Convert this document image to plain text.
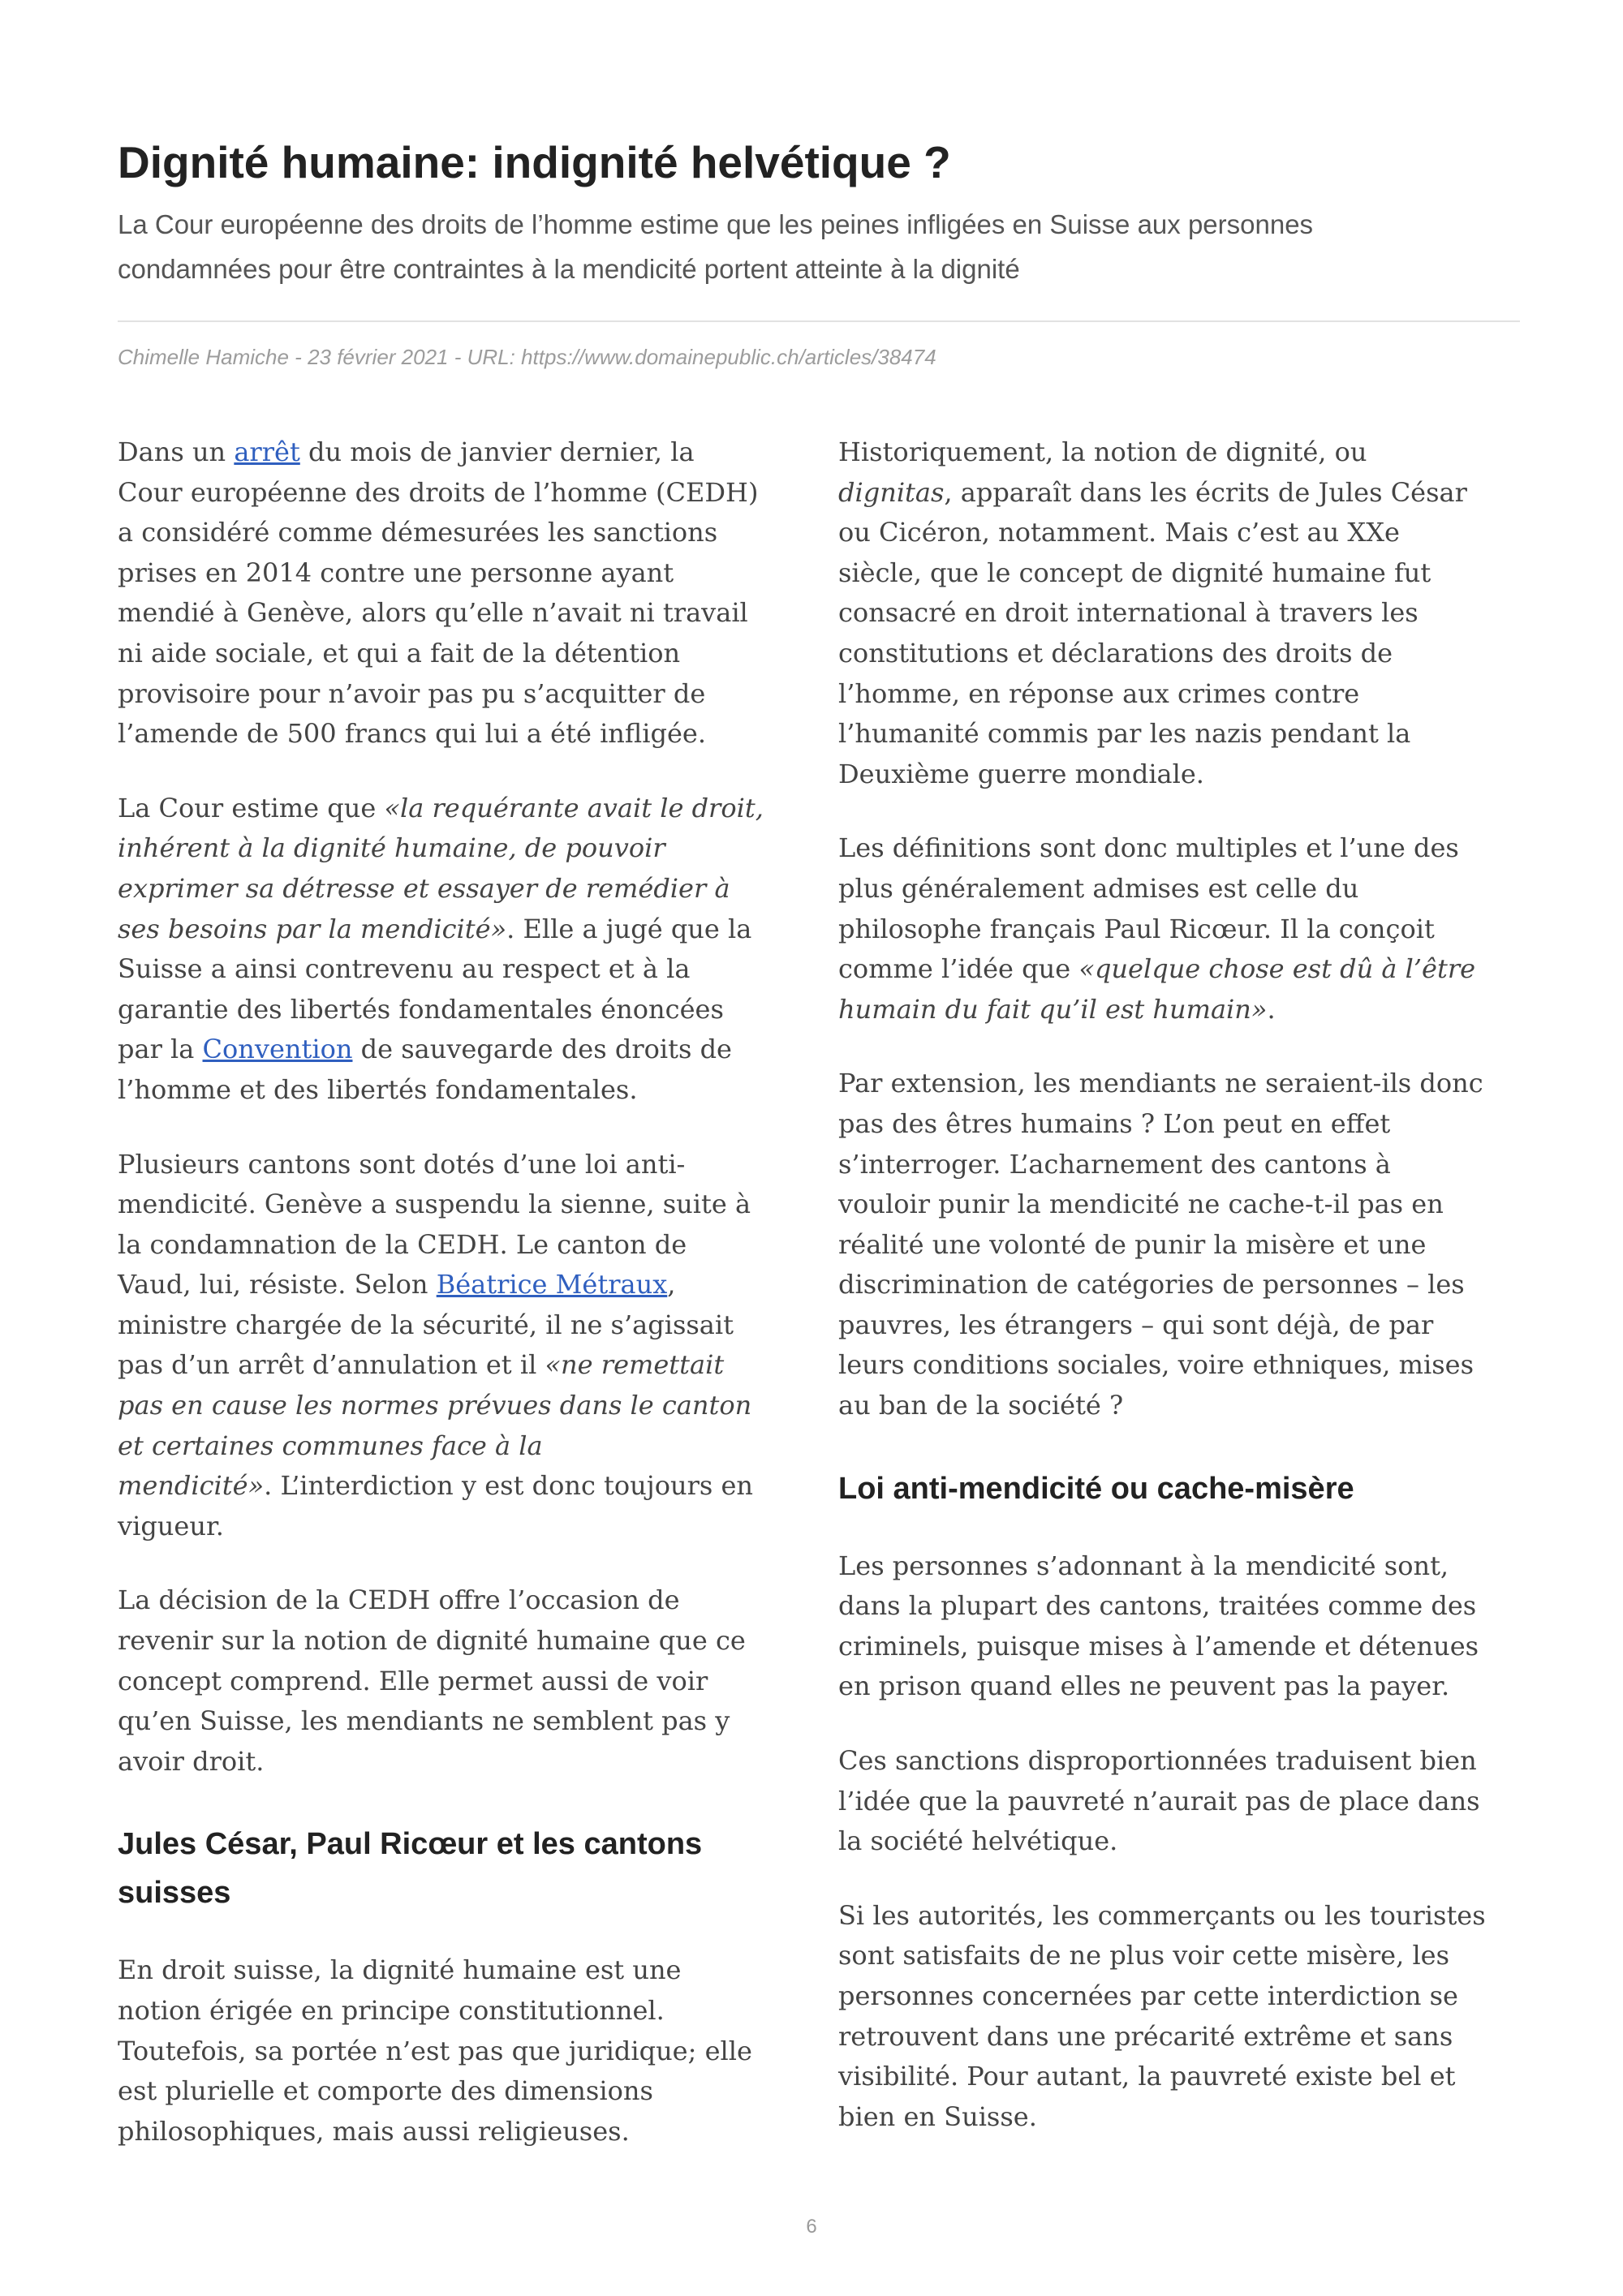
Dignité humaine: indignité helvétique ?
La Cour européenne des droits de l’homme estime que les peines infligées en Suisse aux personnes
condamnées pour être contraintes à la mendicité portent atteinte à la dignité
Chimelle Hamiche - 23 février 2021 - URL: https://www.domainepublic.ch/articles/38474

Dans un arrêt du mois de janvier dernier, la
Cour européenne des droits de l’homme (CEDH)
a considéré comme démesurées les sanctions
prises en 2014 contre une personne ayant
mendié à Genève, alors qu’elle n’avait ni travail
ni aide sociale, et qui a fait de la détention
provisoire pour n’avoir pas pu s’acquitter de
l’amende de 500 francs qui lui a été infligée.

La Cour estime que «la requérante avait le droit,
inhérent à la dignité humaine, de pouvoir
exprimer sa détresse et essayer de remédier à
ses besoins par la mendicité». Elle a jugé que la
Suisse a ainsi contrevenu au respect et à la
garantie des libertés fondamentales énoncées
par la Convention de sauvegarde des droits de
l’homme et des libertés fondamentales.

Plusieurs cantons sont dotés d’une loi anti-
mendicité. Genève a suspendu la sienne, suite à
la condamnation de la CEDH. Le canton de
Vaud, lui, résiste. Selon Béatrice Métraux,
ministre chargée de la sécurité, il ne s’agissait
pas d’un arrêt d’annulation et il «ne remettait
pas en cause les normes prévues dans le canton
et certaines communes face à la
mendicité». L’interdiction y est donc toujours en
vigueur.

La décision de la CEDH offre l’occasion de
revenir sur la notion de dignité humaine que ce
concept comprend. Elle permet aussi de voir
qu’en Suisse, les mendiants ne semblent pas y
avoir droit.

Jules César, Paul Ricœur et les cantons
suisses

En droit suisse, la dignité humaine est une
notion érigée en principe constitutionnel.
Toutefois, sa portée n’est pas que juridique; elle
est plurielle et comporte des dimensions
philosophiques, mais aussi religieuses.

Historiquement, la notion de dignité, ou
dignitas, apparaît dans les écrits de Jules César
ou Cicéron, notamment. Mais c’est au XXe
siècle, que le concept de dignité humaine fut
consacré en droit international à travers les
constitutions et déclarations des droits de
l’homme, en réponse aux crimes contre
l’humanité commis par les nazis pendant la
Deuxième guerre mondiale.

Les définitions sont donc multiples et l’une des
plus généralement admises est celle du
philosophe français Paul Ricœur. Il la conçoit
comme l’idée que «quelque chose est dû à l’être
humain du fait qu’il est humain».

Par extension, les mendiants ne seraient-ils donc
pas des êtres humains ? L’on peut en effet
s’interroger. L’acharnement des cantons à
vouloir punir la mendicité ne cache-t-il pas en
réalité une volonté de punir la misère et une
discrimination de catégories de personnes – les
pauvres, les étrangers – qui sont déjà, de par
leurs conditions sociales, voire ethniques, mises
au ban de la société ?

Loi anti-mendicité ou cache-misère

Les personnes s’adonnant à la mendicité sont,
dans la plupart des cantons, traitées comme des
criminels, puisque mises à l’amende et détenues
en prison quand elles ne peuvent pas la payer.

Ces sanctions disproportionnées traduisent bien
l’idée que la pauvreté n’aurait pas de place dans
la société helvétique.

Si les autorités, les commerçants ou les touristes
sont satisfaits de ne plus voir cette misère, les
personnes concernées par cette interdiction se
retrouvent dans une précarité extrême et sans
visibilité. Pour autant, la pauvreté existe bel et
bien en Suisse.

6
